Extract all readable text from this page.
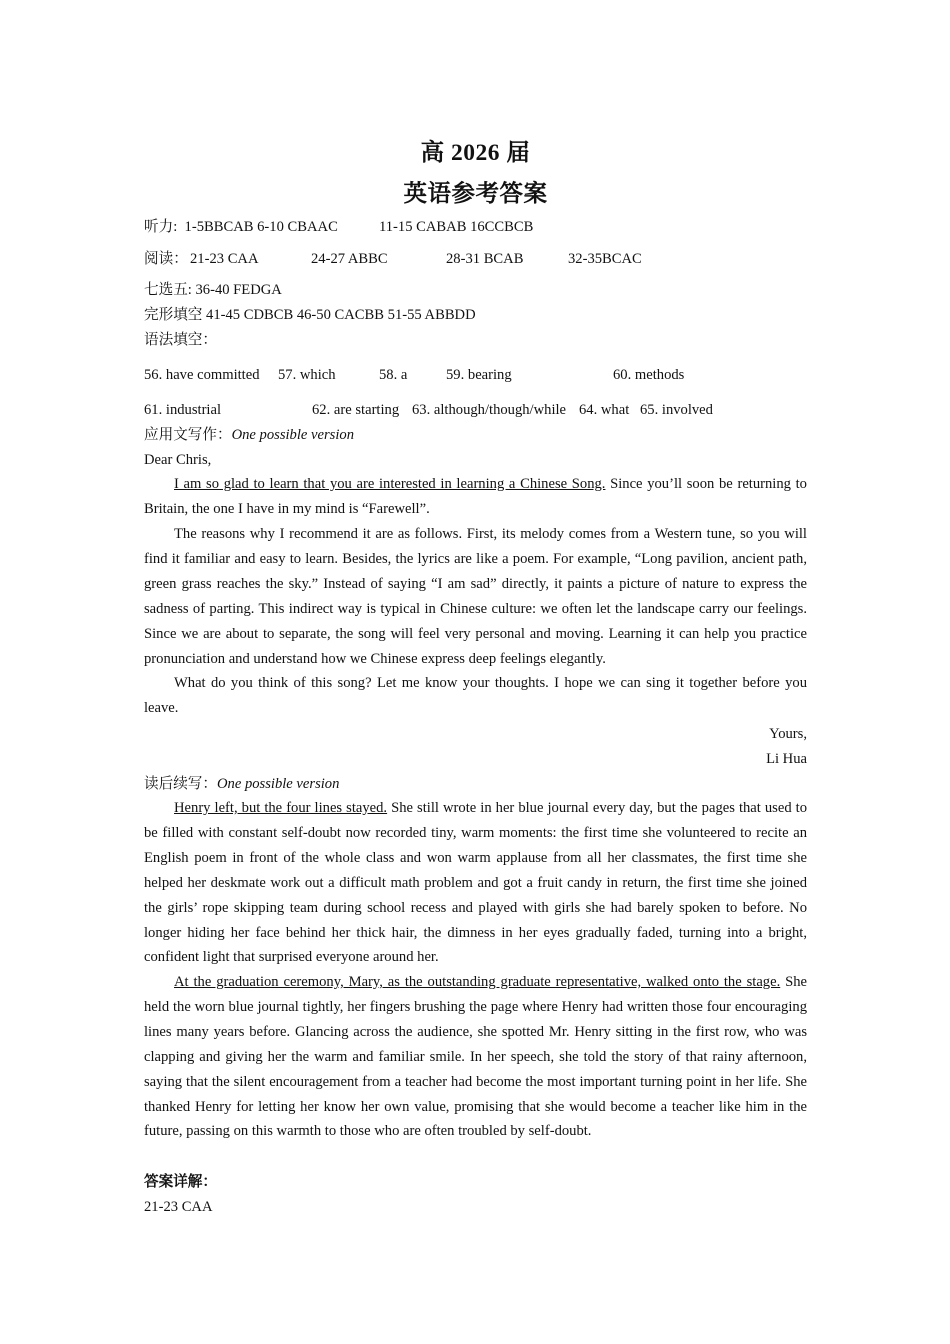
高 2026 届
英语参考答案
听力: 1-5BBCAB 6-10 CBAAC	11-15 CABAB 16CCBCB
阅读： 21-23 CAA	24-27 ABBC	28-31 BCAB	32-35BCAC
七选五: 36-40 FEDGA
完形填空 41-45 CDBCB 46-50 CACBB 51-55 ABBDD
语法填空：
56. have committed 57. which	58. a	59. bearing	60. methods
61. industrial	62. are starting 63. although/though/while 64. what 65. involved
应用文写作：One possible version
Dear Chris,
I am so glad to learn that you are interested in learning a Chinese Song. Since you’ll soon be returning to Britain, the one I have in my mind is “Farewell”.
The reasons why I recommend it are as follows. First, its melody comes from a Western tune, so you will find it familiar and easy to learn. Besides, the lyrics are like a poem. For example, “Long pavilion, ancient path, green grass reaches the sky.” Instead of saying “I am sad” directly, it paints a picture of nature to express the sadness of parting. This indirect way is typical in Chinese culture: we often let the landscape carry our feelings. Since we are about to separate, the song will feel very personal and moving. Learning it can help you practice pronunciation and understand how we Chinese express deep feelings elegantly.
What do you think of this song? Let me know your thoughts. I hope we can sing it together before you leave.
Yours,
Li Hua
读后续写：One possible version
Henry left, but the four lines stayed. She still wrote in her blue journal every day, but the pages that used to be filled with constant self-doubt now recorded tiny, warm moments: the first time she volunteered to recite an English poem in front of the whole class and won warm applause from all her classmates, the first time she helped her deskmate work out a difficult math problem and got a fruit candy in return, the first time she joined the girls’ rope skipping team during school recess and played with girls she had barely spoken to before. No longer hiding her face behind her thick hair, the dimness in her eyes gradually faded, turning into a bright, confident light that surprised everyone around her.
At the graduation ceremony, Mary, as the outstanding graduate representative, walked onto the stage. She held the worn blue journal tightly, her fingers brushing the page where Henry had written those four encouraging lines many years before. Glancing across the audience, she spotted Mr. Henry sitting in the first row, who was clapping and giving her the warm and familiar smile. In her speech, she told the story of that rainy afternoon, saying that the silent encouragement from a teacher had become the most important turning point in her life. She thanked Henry for letting her know her own value, promising that she would become a teacher like him in the future, passing on this warmth to those who are often troubled by self-doubt.
答案详解：
21-23 CAA
